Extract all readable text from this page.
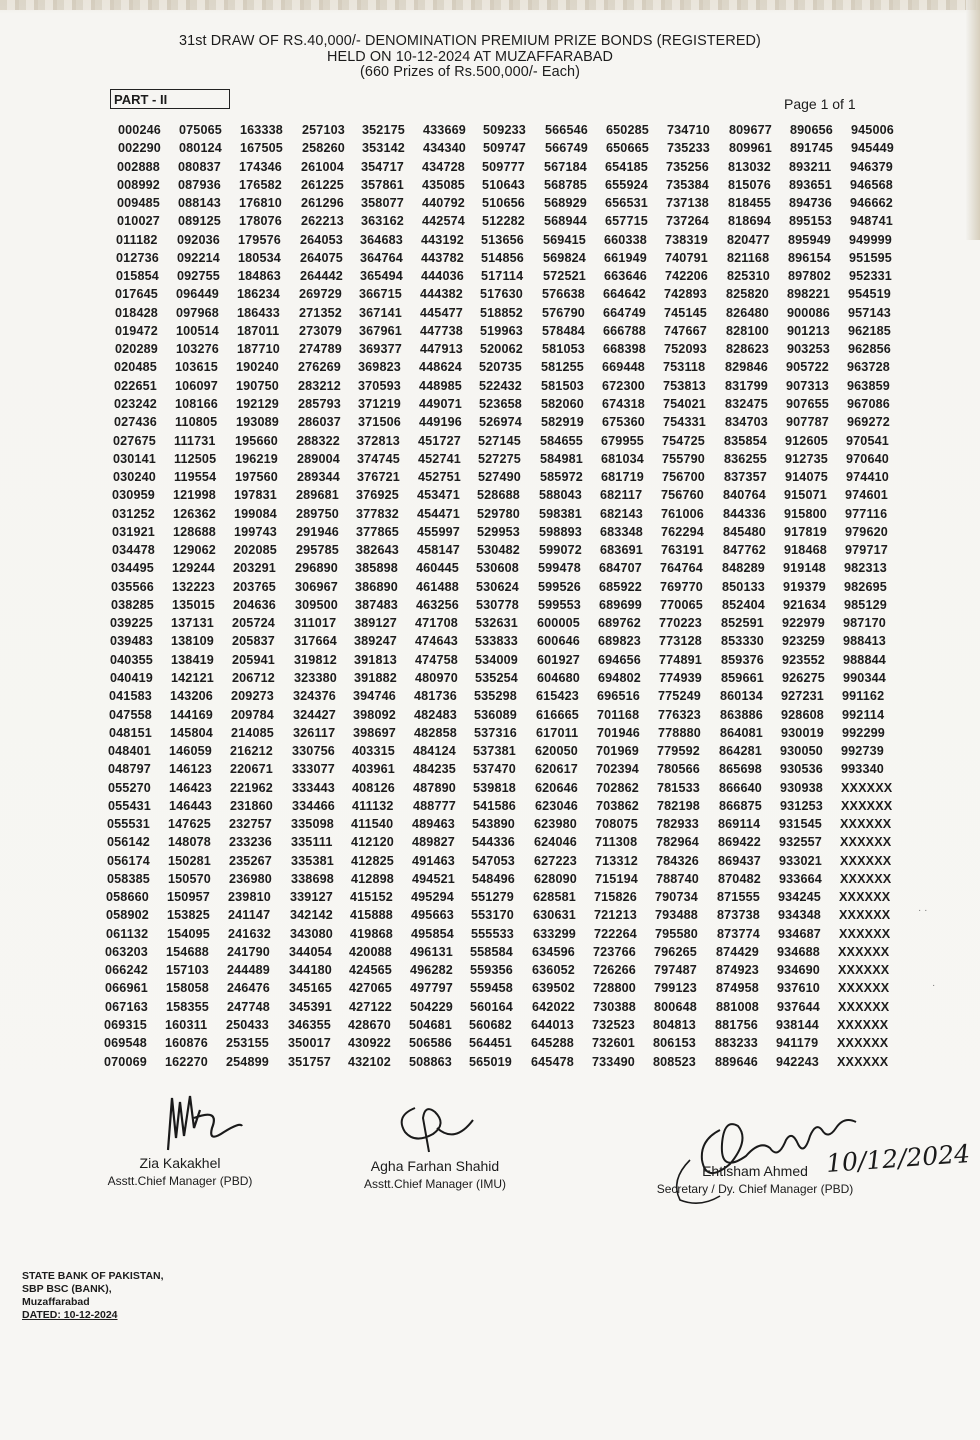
31st DRAW OF RS.40,000/- DENOMINATION PREMIUM PRIZE BONDS (REGISTERED)
HELD ON 10-12-2024 AT MUZAFFARABAD
(660 Prizes of Rs.500,000/- Each)
PART - II	Page 1 of 1
000246 075065 163338 257103 352175 433669 509233 566546 650285 734710 809677 890656 945006
002290 080124 167505 258260 353142 434340 509747 566749 650665 735233 809961 891745 945449
002888 080837 174346 261004 354717 434728 509777 567184 654185 735256 813032 893211 946379
008992 087936 176582 261225 357861 435085 510643 568785 655924 735384 815076 893651 946568
009485 088143 176810 261296 358077 440792 510656 568929 656531 737138 818455 894736 946662
010027 089125 178076 262213 363162 442574 512282 568944 657715 737264 818694 895153 948741
011182 092036 179576 264053 364683 443192 513656 569415 660338 738319 820477 895949 949999
012736 092214 180534 264075 364764 443782 514856 569824 661949 740791 821168 896154 951595
015854 092755 184863 264442 365494 444036 517114 572521 663646 742206 825310 897802 952331
017645 096449 186234 269729 366715 444382 517630 576638 664642 742893 825820 898221 954519
018428 097968 186433 271352 367141 445477 518852 576790 664749 745145 826480 900086 957143
019472 100514 187011 273079 367961 447738 519963 578484 666788 747667 828100 901213 962185
020289 103276 187710 274789 369377 447913 520062 581053 668398 752093 828623 903253 962856
020485 103615 190240 276269 369823 448624 520735 581255 669448 753118 829846 905722 963728
022651 106097 190750 283212 370593 448985 522432 581503 672300 753813 831799 907313 963859
023242 108166 192129 285793 371219 449071 523658 582060 674318 754021 832475 907655 967086
027436 110805 193089 286037 371506 449196 526974 582919 675360 754331 834703 907787 969272
027675 111731 195660 288322 372813 451727 527145 584655 679955 754725 835854 912605 970541
030141 112505 196219 289004 374745 452741 527275 584981 681034 755790 836255 912735 970640
030240 119554 197560 289344 376721 452751 527490 585972 681719 756700 837357 914075 974410
030959 121998 197831 289681 376925 453471 528688 588043 682117 756760 840764 915071 974601
031252 126362 199084 289750 377832 454471 529780 598381 682143 761006 844336 915800 977116
031921 128688 199743 291946 377865 455997 529953 598893 683348 762294 845480 917819 979620
034478 129062 202085 295785 382643 458147 530482 599072 683691 763191 847762 918468 979717
034495 129244 203291 296890 385898 460445 530608 599478 684707 764764 848289 919148 982313
035566 132223 203765 306967 386890 461488 530624 599526 685922 769770 850133 919379 982695
038285 135015 204636 309500 387483 463256 530778 599553 689699 770065 852404 921634 985129
039225 137131 205724 311017 389127 471708 532631 600005 689762 770223 852591 922979 987170
039483 138109 205837 317664 389247 474643 533833 600646 689823 773128 853330 923259 988413
040355 138419 205941 319812 391813 474758 534009 601927 694656 774891 859376 923552 988844
040419 142121 206712 323380 391882 480970 535254 604680 694802 774939 859661 926275 990344
041583 143206 209273 324376 394746 481736 535298 615423 696516 775249 860134 927231 991162
047558 144169 209784 324427 398092 482483 536089 616665 701168 776323 863886 928608 992114
048151 145804 214085 326117 398697 482858 537316 617011 701946 778880 864081 930019 992299
048401 146059 216212 330756 403315 484124 537381 620050 701969 779592 864281 930050 992739
048797 146123 220671 333077 403961 484235 537470 620617 702394 780566 865698 930536 993340
055270 146423 221962 333443 408126 487890 539818 620646 702862 781533 866640 930938 XXXXXX
055431 146443 231860 334466 411132 488777 541586 623046 703862 782198 866875 931253 XXXXXX
055531 147625 232757 335098 411540 489463 543890 623980 708075 782933 869114 931545 XXXXXX
056142 148078 233236 335111 412120 489827 544336 624046 711308 782964 869422 932557 XXXXXX
056174 150281 235267 335381 412825 491463 547053 627223 713312 784326 869437 933021 XXXXXX
058385 150570 236980 338698 412898 494521 548496 628090 715194 788740 870482 933664 XXXXXX
058660 150957 239810 339127 415152 495294 551279 628581 715826 790734 871555 934245 XXXXXX
058902 153825 241147 342142 415888 495663 553170 630631 721213 793488 873738 934348 XXXXXX
061132 154095 241632 343080 419868 495854 555533 633299 722264 795580 873774 934687 XXXXXX
063203 154688 241790 344054 420088 496131 558584 634596 723766 796265 874429 934688 XXXXXX
066242 157103 244489 344180 424565 496282 559356 636052 726266 797487 874923 934690 XXXXXX
066961 158058 246476 345165 427065 497797 559458 639502 728800 799123 874958 937610 XXXXXX
067163 158355 247748 345391 427122 504229 560164 642022 730388 800648 881008 937644 XXXXXX
069315 160311 250433 346355 428670 504681 560682 644013 732523 804813 881756 938144 XXXXXX
069548 160876 253155 350017 430922 506586 564451 645288 732601 806153 883233 941179 XXXXXX
070069 162270 254899 351757 432102 508863 565019 645478 733490 808523 889646 942243 XXXXXX
Zia Kakakhel
Asstt.Chief Manager (PBD)
Agha Farhan Shahid
Asstt.Chief Manager (IMU)
Ehtisham Ahmed
Secretary / Dy. Chief Manager (PBD)
10/12/2024
· ·
·
STATE BANK OF PAKISTAN,
SBP BSC (BANK),
Muzaffarabad
DATED: 10-12-2024
